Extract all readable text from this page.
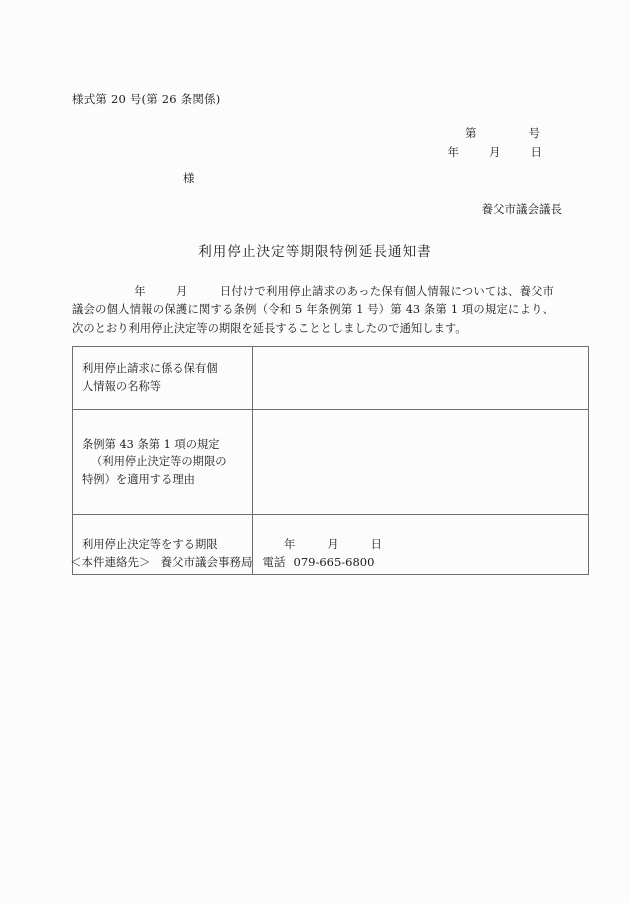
様式第 20 号(第 26 条関係)
第	号
年	月	日
様
養父市議会議長
利用停止決定等期限特例延長通知書
年	月	日付けで利用停止請求のあった保有個人情報については、養父市議会の個人情報の保護に関する条例（令和 5 年条例第 1 号）第 43 条第 1 項の規定により、次のとおり利用停止決定等の期限を延長することとしましたので通知します。
利用停止請求に係る保有個
人情報の名称等	

条例第 43 条第 1 項の規定
（利用停止決定等の期限の
特例）を適用する理由	

利用停止決定等をする期限	年 月 日
＜本件連絡先＞ 養父市議会事務局 電話 079-665-6800
